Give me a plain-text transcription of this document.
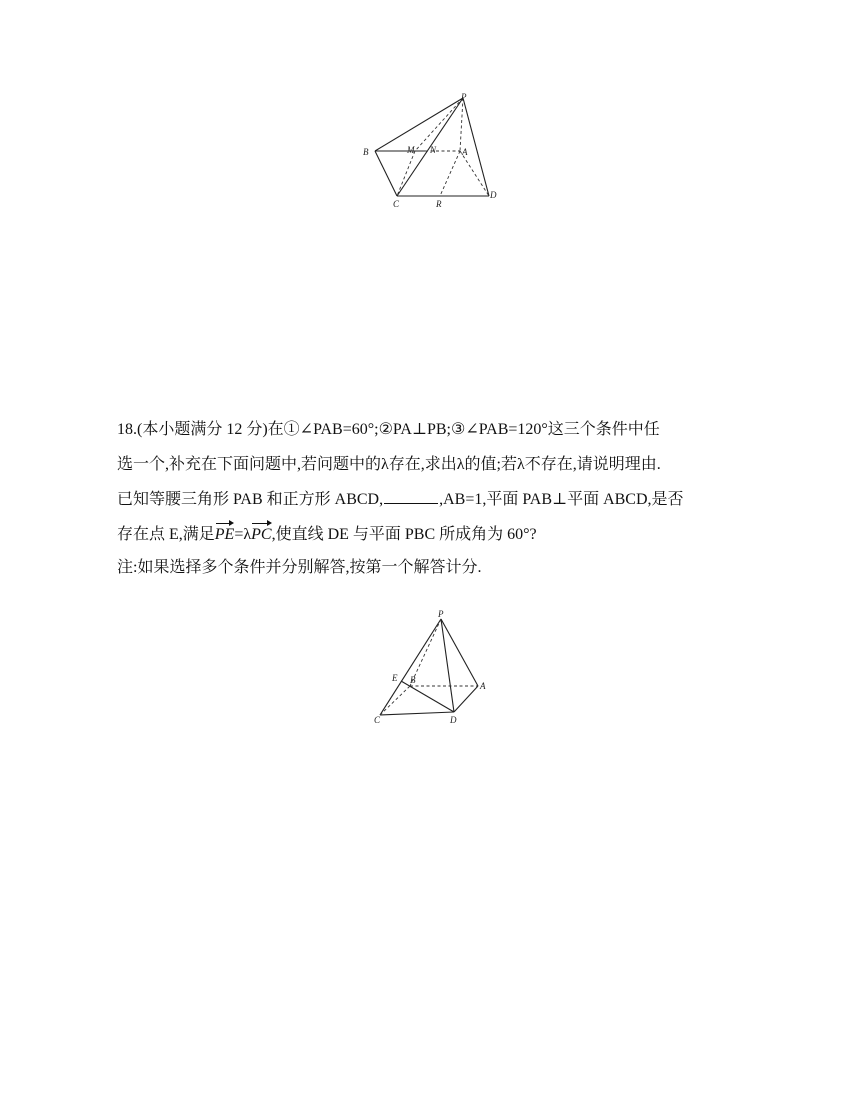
P
B	M N	A
C	R
D
18.(本小题满分 12 分)在①∠PAB=60°;②PA⊥PB;③∠PAB=120°这三个条件中任
选一个,补充在下面问题中,若问题中的λ存在,求出λ的值;若λ不存在,请说明理由.
已知等腰三角形 PAB 和正方形 ABCD,	,AB=1,平面 PAB⊥平面 ABCD,是否
存在点 E,满足PE=λPC,使直线 DE 与平面 PBC 所成角为 60°?
注:如果选择多个条件并分别解答,按第一个解答计分.
P
E B
A
C	D
